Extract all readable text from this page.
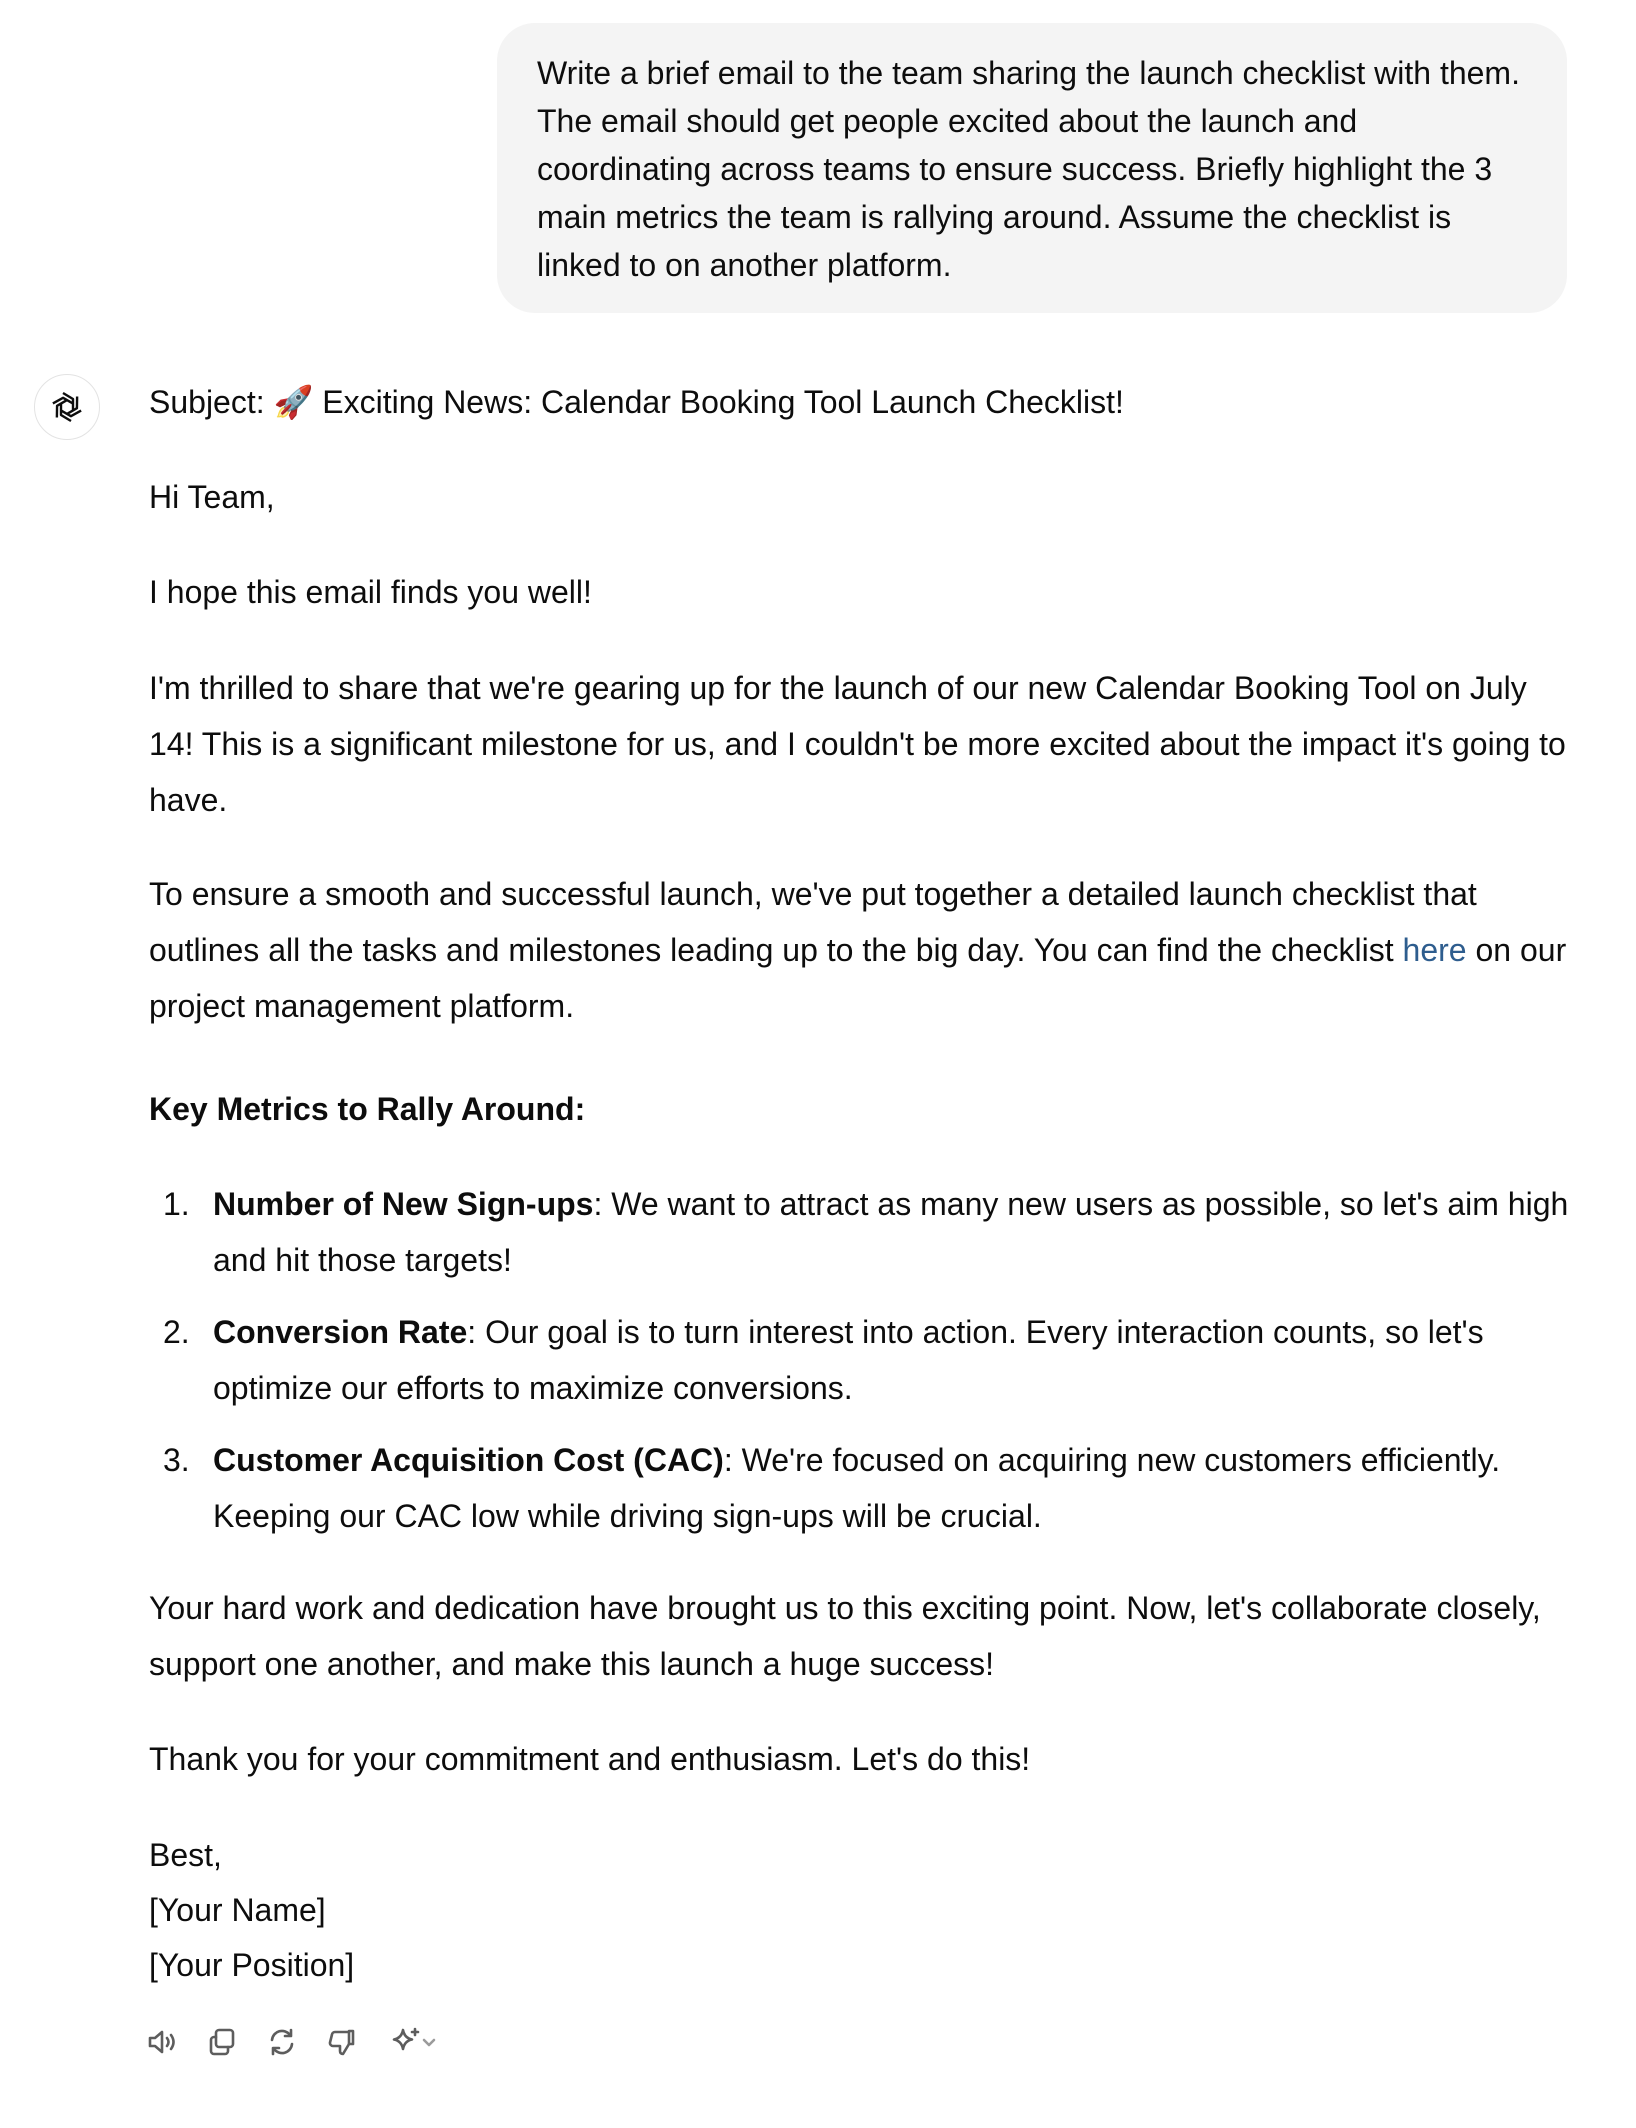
Write a brief email to the team sharing the launch checklist with them. The email should get people excited about the launch and coordinating across teams to ensure success. Briefly highlight the 3 main metrics the team is rallying around. Assume the checklist is linked to on another platform.

Subject: 🚀 Exciting News: Calendar Booking Tool Launch Checklist!

Hi Team,

I hope this email finds you well!

I'm thrilled to share that we're gearing up for the launch of our new Calendar Booking Tool on July 14! This is a significant milestone for us, and I couldn't be more excited about the impact it's going to have.

To ensure a smooth and successful launch, we've put together a detailed launch checklist that outlines all the tasks and milestones leading up to the big day. You can find the checklist here on our project management platform.

Key Metrics to Rally Around:

1. Number of New Sign-ups: We want to attract as many new users as possible, so let's aim high and hit those targets!
2. Conversion Rate: Our goal is to turn interest into action. Every interaction counts, so let's optimize our efforts to maximize conversions.
3. Customer Acquisition Cost (CAC): We're focused on acquiring new customers efficiently. Keeping our CAC low while driving sign-ups will be crucial.

Your hard work and dedication have brought us to this exciting point. Now, let's collaborate closely, support one another, and make this launch a huge success!

Thank you for your commitment and enthusiasm. Let's do this!

Best,

[Your Name]

[Your Position]
